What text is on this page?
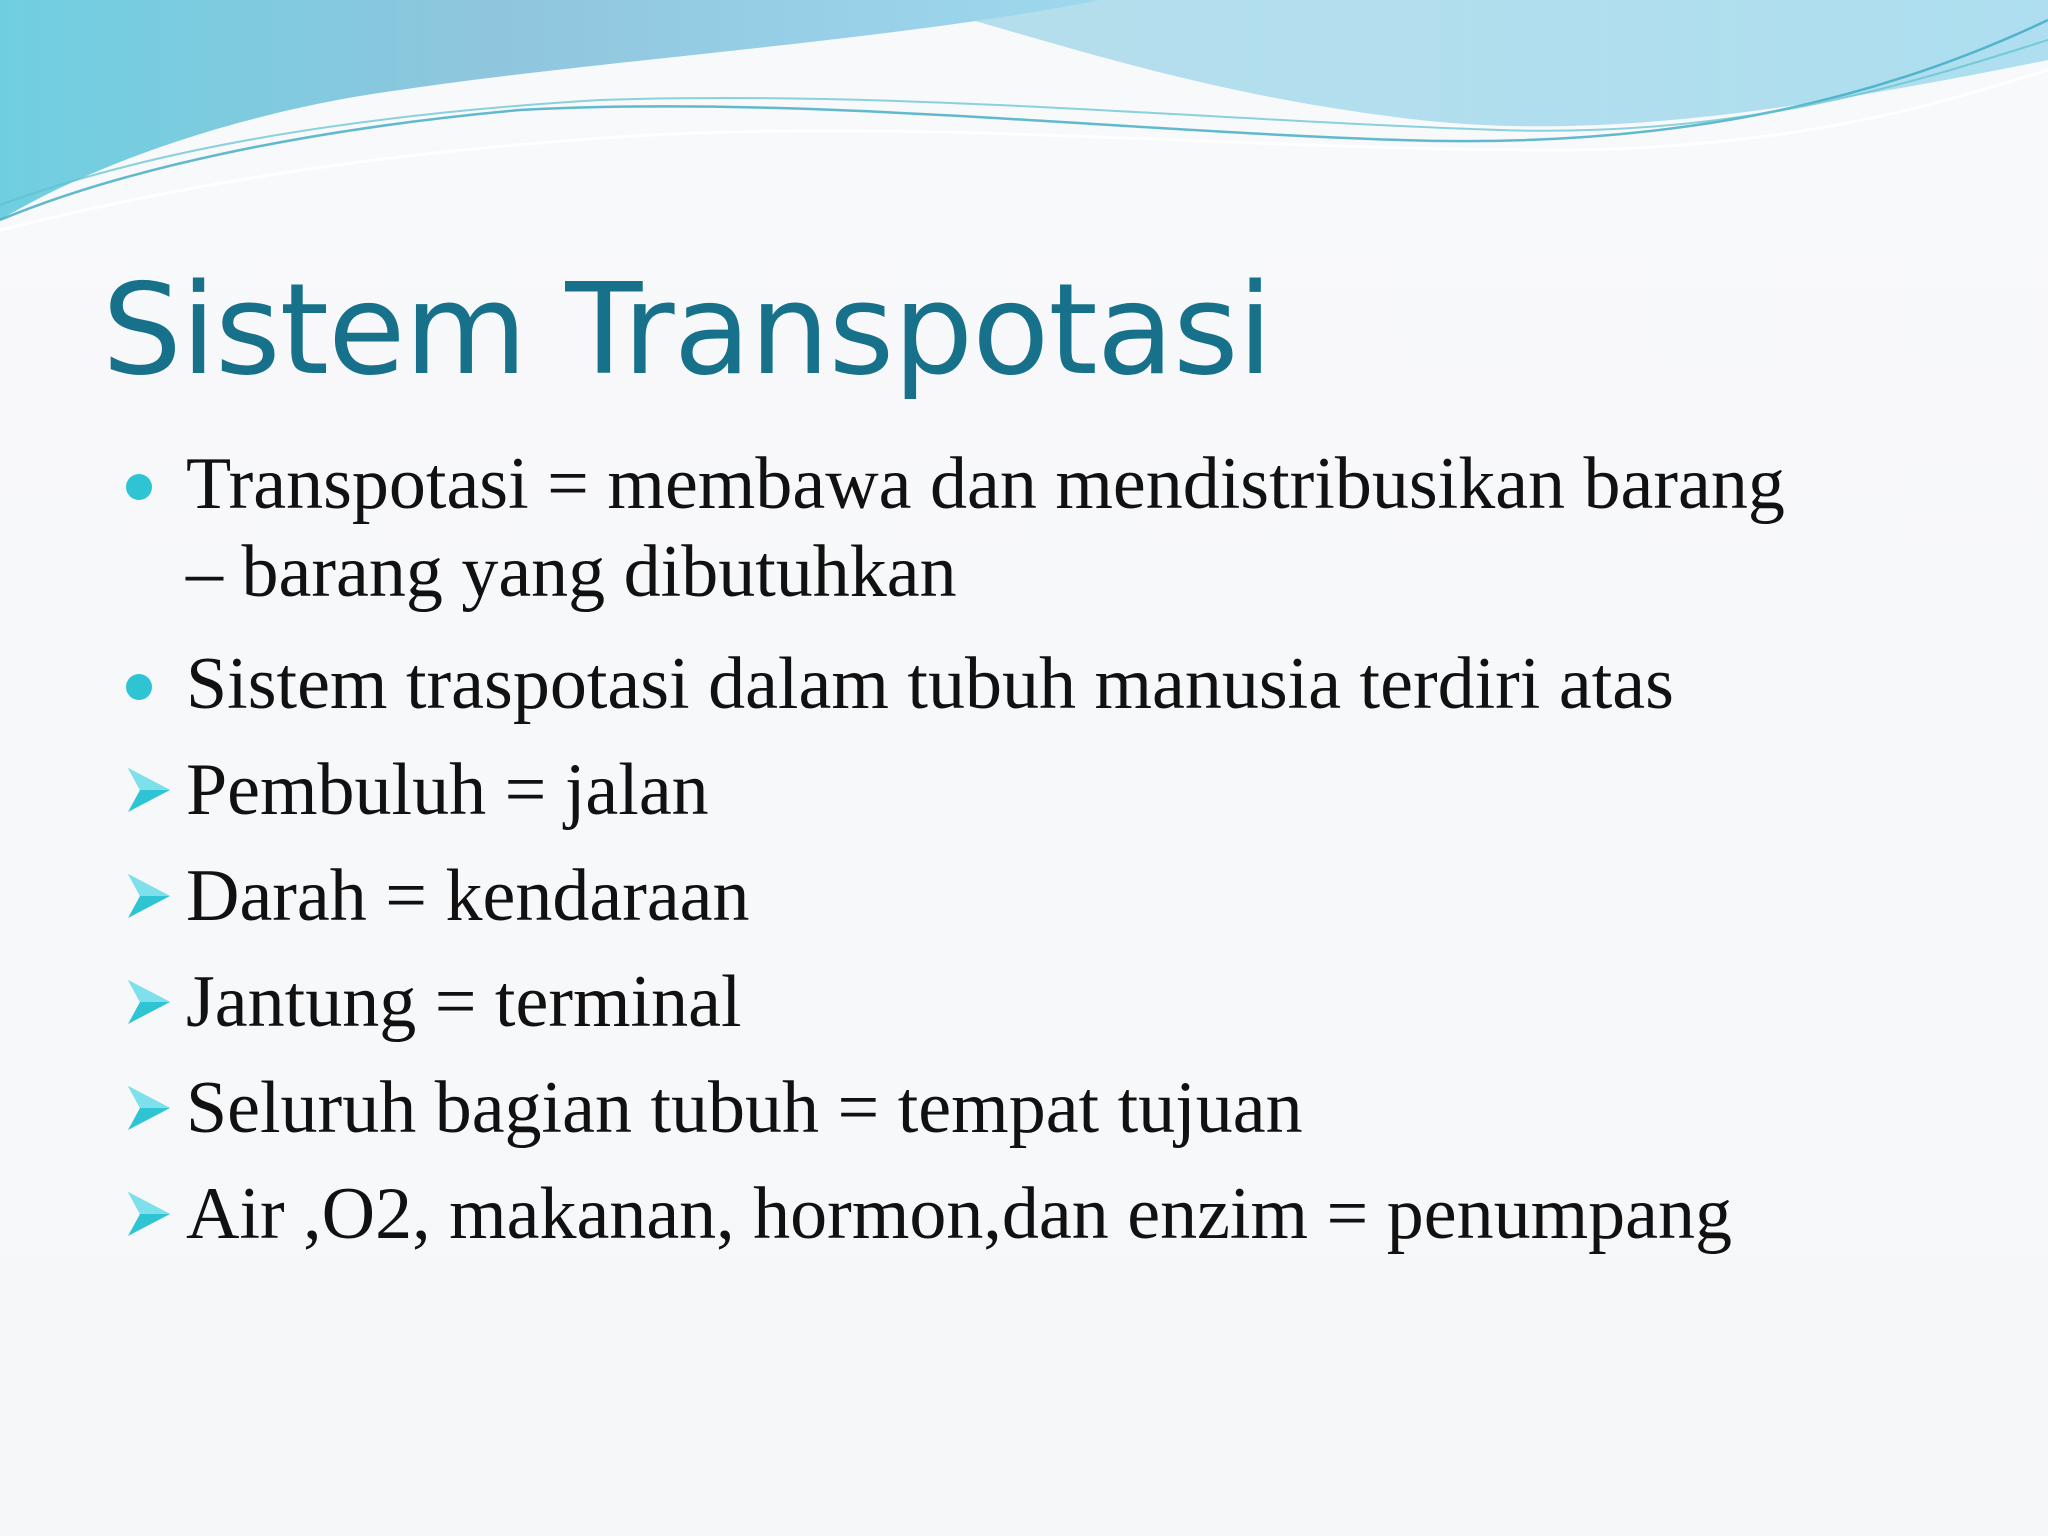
Sistem Transpotasi
Transpotasi = membawa dan mendistribusikan barang
– barang yang dibutuhkan
Sistem traspotasi dalam tubuh manusia terdiri atas
Pembuluh = jalan
Darah = kendaraan
Jantung = terminal
Seluruh bagian tubuh = tempat tujuan
Air ,O2, makanan, hormon,dan enzim = penumpang
